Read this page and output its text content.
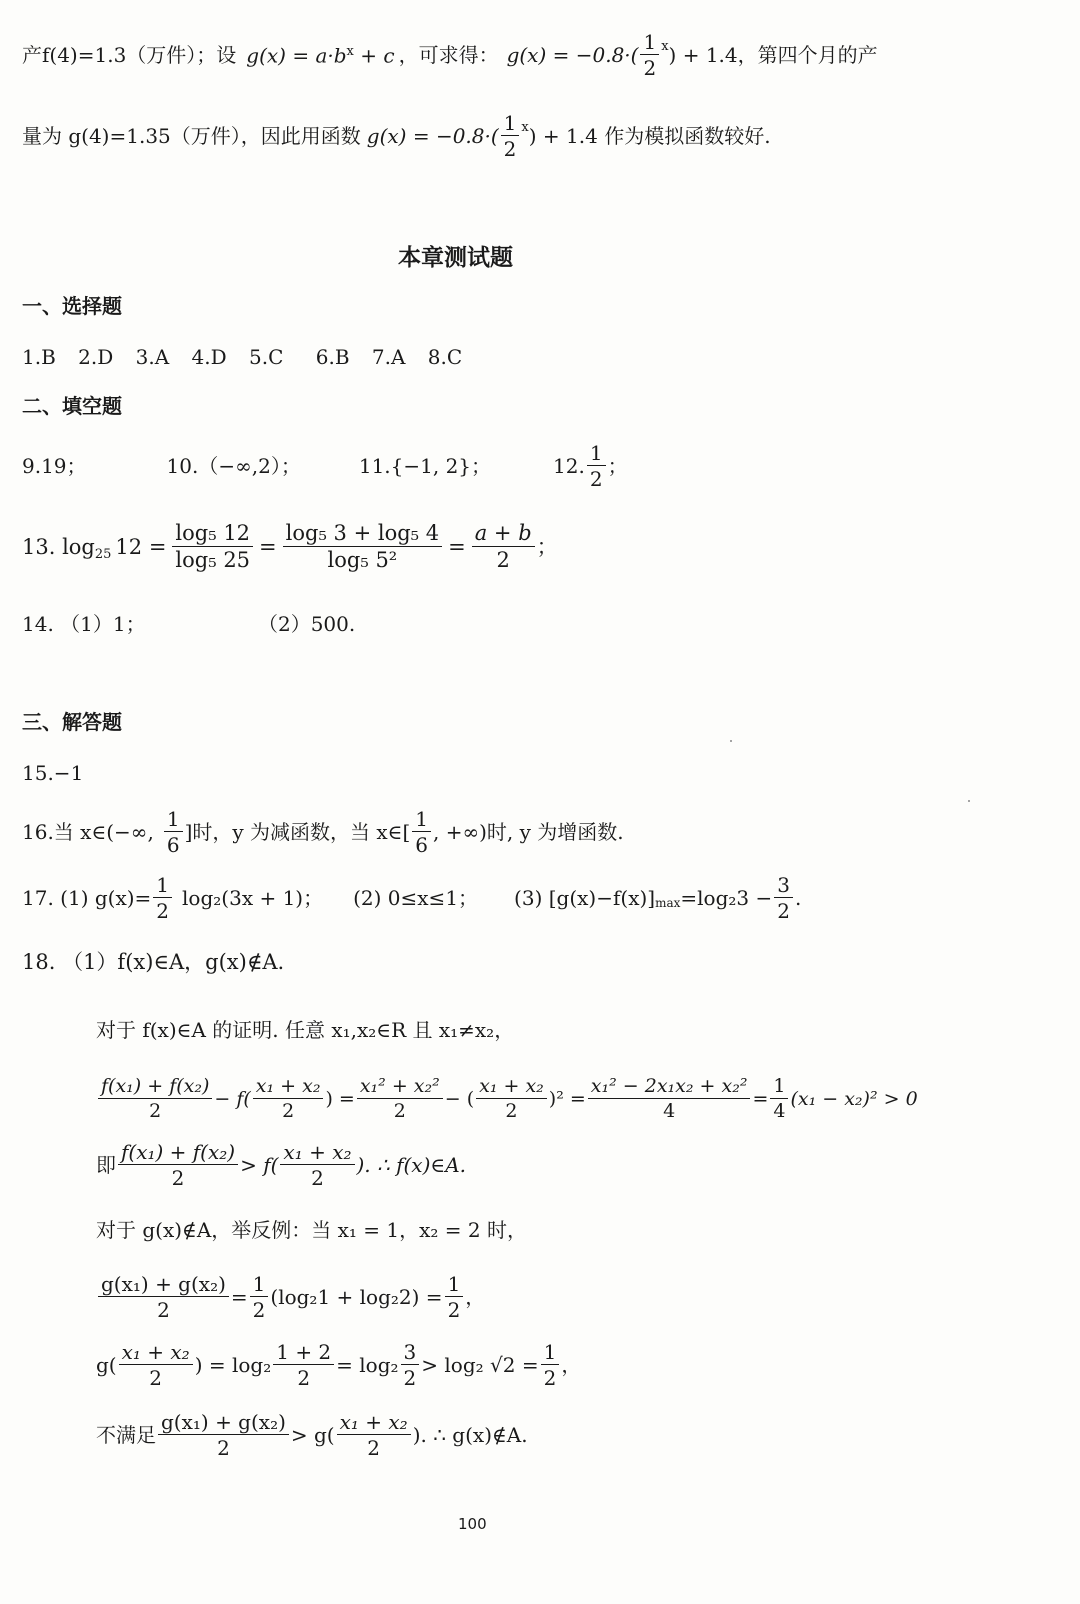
产f(4)=1.3（万件）；设 $g(x) = a\cdot b^x + c$ ，可求得： $g(x) = -0.8\cdot( \frac{1}{2}^x$ ) + 1.4，第四个月的产
量为 g(4)=1.35（万件），因此用函数 $g(x) = -0.8\cdot( \frac{1}{2}^x$ ) + 1.4 作为模拟函数较好.
本章测试题
一、选择题
1.B 2.D 3.A 4.D 5.C 6.B 7.A 8.C
二、填空题
9.19；	10.（−∞,2）；	11.{−1, 2}；	12. $\frac{1}{2}$ ；
13. $\log_{25} 12 = \frac{\text{log₅ 12}}{\text{log₅ 25}} = \frac{\text{log₅ 3 + log₅ 4}}{\text{log₅ 5²}} = \frac{a + b}{2}$ ；
14. （1）1；	（2）500.
三、解答题
15.−1
16.当 x∈(−∞, $\frac{1}{6}$ ]时，y 为减函数，当 x∈[ $\frac{1}{6}$ , +∞)时, y 为增函数.
17. (1) $g(x)= \frac{1}{2} \log_2(3x + 1)$； (2) 0≤x≤1； (3) $[g(x)-f(x)]_{max} =\log_23 - \frac{3}{2}$ .
18. （1）f(x)∈A，g(x)∉A.
对于 f(x)∈A 的证明. 任意 x₁,x₂∈R 且 x₁≠x₂，
$\frac{\text{f(x₁) + f(x₂)}}{2} - f( \frac{\text{x₁ + x₂}}{2}$ ) = $\frac{\text{x₁² + x₂²}}{2}$ − ( $\frac{\text{x₁ + x₂}}{2} )^2 = \frac{\text{x₁² − 2x₁x₂ + x₂²}}{4} = \frac{1}{4} (x_1 - x_2)^2 > 0$
即 $\frac{\text{f(x₁) + f(x₂)}}{2} > f( \frac{\text{x₁ + x₂}}{2}$ ). ∴ f(x)∈A.
对于 g(x)∉A，举反例：当 x₁ = 1，x₂ = 2 时，
$\frac{\text{g(x₁) + g(x₂)}}{2} = \frac{1}{2} (\log_21 + \log_22) = \frac{1}{2}$ ，
$g( \frac{\text{x₁ + x₂}}{2}$ ) = $\log_2 \frac{1 + 2}{2} = \log_2 \frac{3}{2} > \log_2$ $√2 = \frac{1}{2}$ ，
不满足 $\frac{\text{g(x₁) + g(x₂)}}{2} > g( \frac{\text{x₁ + x₂}}{2}$ ). ∴ g(x)∉A.
100
